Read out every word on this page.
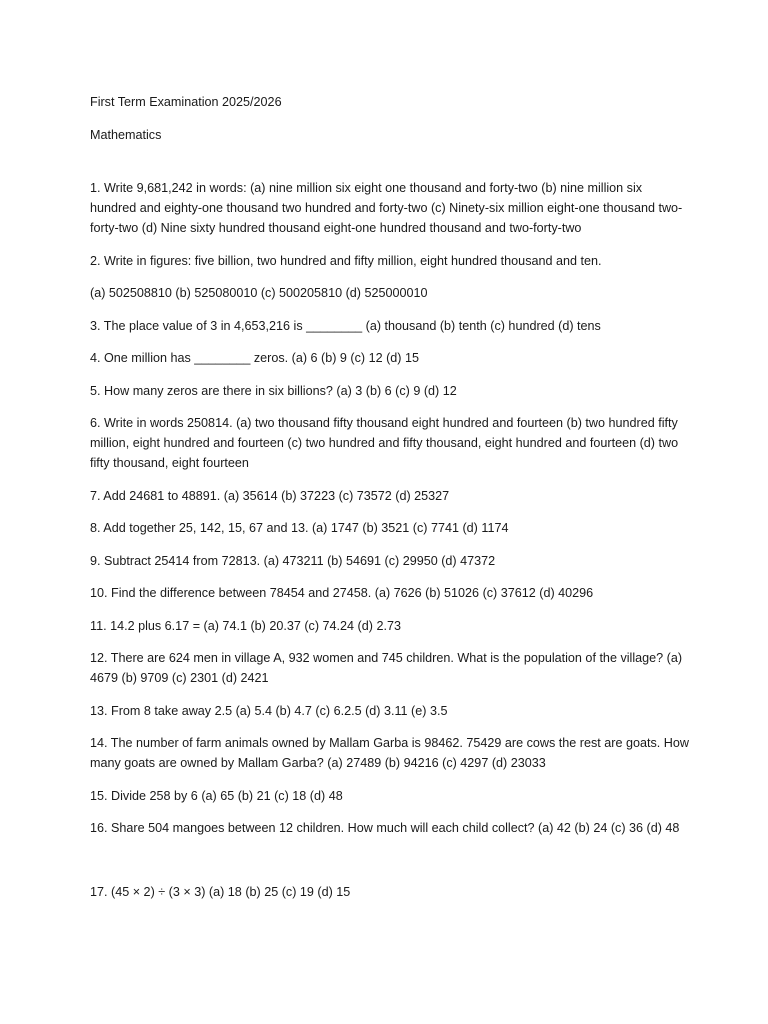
First Term Examination 2025/2026

Mathematics

1. Write 9,681,242 in words: (a) nine million six eight one thousand and forty-two (b) nine million six hundred and eighty-one thousand two hundred and forty-two (c) Ninety-six million eight-one thousand two-forty-two (d) Nine sixty hundred thousand eight-one hundred thousand and two-forty-two

2. Write in figures: five billion, two hundred and fifty million, eight hundred thousand and ten.

(a) 502508810 (b) 525080010 (c) 500205810 (d) 525000010

3. The place value of 3 in 4,653,216 is ________ (a) thousand (b) tenth (c) hundred (d) tens

4. One million has ________ zeros. (a) 6 (b) 9 (c) 12 (d) 15

5. How many zeros are there in six billions? (a) 3 (b) 6 (c) 9 (d) 12

6. Write in words 250814. (a) two thousand fifty thousand eight hundred and fourteen (b) two hundred fifty million, eight hundred and fourteen (c) two hundred and fifty thousand, eight hundred and fourteen (d) two fifty thousand, eight fourteen

7. Add 24681 to 48891. (a) 35614 (b) 37223 (c) 73572 (d) 25327

8. Add together 25, 142, 15, 67 and 13. (a) 1747 (b) 3521 (c) 7741 (d) 1174

9. Subtract 25414 from 72813. (a) 473211 (b) 54691 (c) 29950 (d) 47372

10. Find the difference between 78454 and 27458. (a) 7626 (b) 51026 (c) 37612 (d) 40296

11. 14.2 plus 6.17 = (a) 74.1 (b) 20.37 (c) 74.24 (d) 2.73

12. There are 624 men in village A, 932 women and 745 children. What is the population of the village? (a) 4679 (b) 9709 (c) 2301 (d) 2421

13. From 8 take away 2.5 (a) 5.4 (b) 4.7 (c) 6.2.5 (d) 3.11 (e) 3.5

14. The number of farm animals owned by Mallam Garba is 98462. 75429 are cows the rest are goats. How many goats are owned by Mallam Garba? (a) 27489 (b) 94216 (c) 4297 (d) 23033

15. Divide 258 by 6 (a) 65 (b) 21 (c) 18 (d) 48

16. Share 504 mangoes between 12 children. How much will each child collect? (a) 42 (b) 24 (c) 36 (d) 48

17. (45 × 2) ÷ (3 × 3) (a) 18 (b) 25 (c) 19 (d) 15
